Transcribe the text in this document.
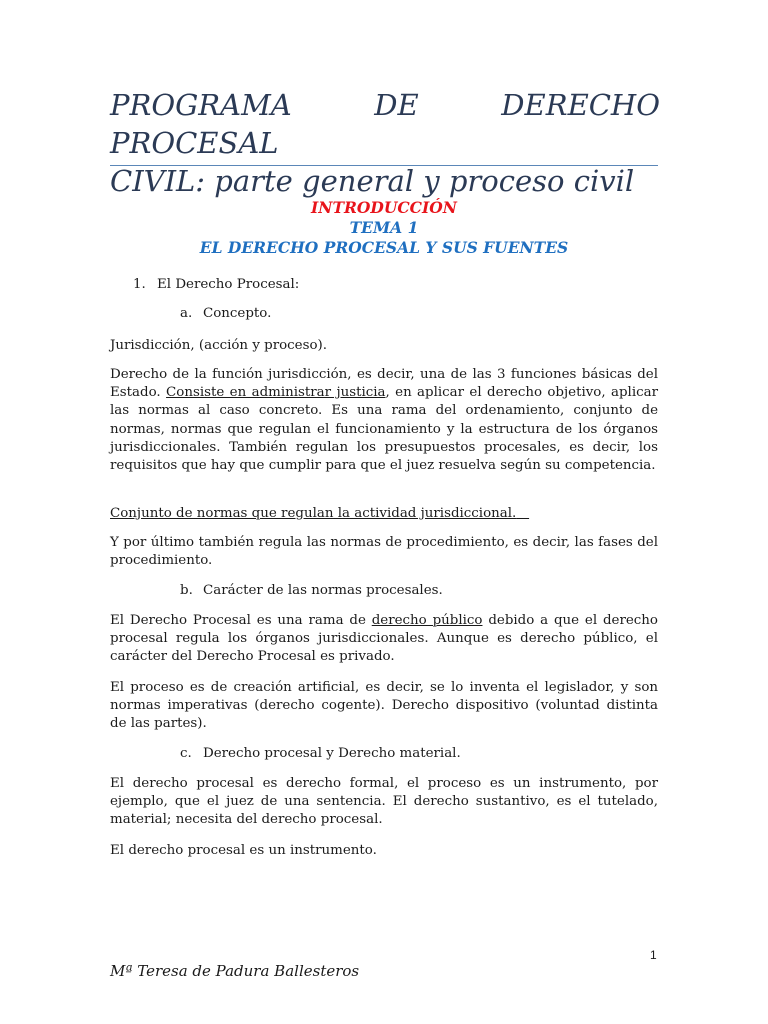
PROGRAMA DE DERECHO PROCESAL
CIVIL: parte general y proceso civil

INTRODUCCIÓN

TEMA 1

EL DERECHO PROCESAL Y SUS FUENTES

1. El Derecho Procesal:
a. Concepto.

Jurisdicción, (acción y proceso).

Derecho de la función jurisdicción, es decir, una de las 3 funciones básicas del Estado. Consiste en administrar justicia, en aplicar el derecho objetivo, aplicar las normas al caso concreto. Es una rama del ordenamiento, conjunto de normas, normas que regulan el funcionamiento y la estructura de los órganos jurisdiccionales. También regulan los presupuestos procesales, es decir, los requisitos que hay que cumplir para que el juez resuelva según su competencia.

Conjunto de normas que regulan la actividad jurisdiccional.

Y por último también regula las normas de procedimiento, es decir, las fases del procedimiento.

b. Carácter de las normas procesales.

El Derecho Procesal es una rama de derecho público debido a que el derecho procesal regula los órganos jurisdiccionales. Aunque es derecho público, el carácter del Derecho Procesal es privado.

El proceso es de creación artificial, es decir, se lo inventa el legislador, y son normas imperativas (derecho cogente). Derecho dispositivo (voluntad distinta de las partes).

c. Derecho procesal y Derecho material.

El derecho procesal es derecho formal, el proceso es un instrumento, por ejemplo, que el juez de una sentencia. El derecho sustantivo, es el tutelado, material; necesita del derecho procesal.

El derecho procesal es un instrumento.

1
Mª Teresa de Padura Ballesteros
